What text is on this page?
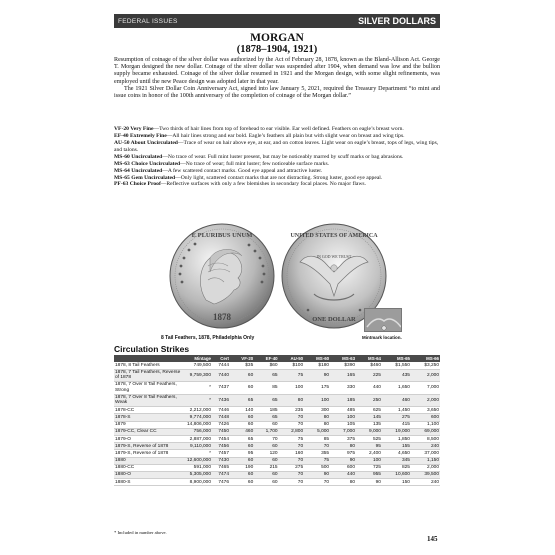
FEDERAL ISSUES	SILVER DOLLARS
MORGAN
(1878–1904, 1921)

Resumption of coinage of the silver dollar was authorized by the Act of February 28, 1878, known as the Bland-Allison Act. George T. Morgan designed the new dollar. Coinage of the silver dollar was suspended after 1904, when demand was low and the bullion supply became exhausted. Coinage of the silver dollar resumed in 1921 and the Morgan design, with some slight refinements, was employed until the new Peace design was adopted later in that year.

The 1921 Silver Dollar Coin Anniversary Act, signed into law January 5, 2021, required the Treasury Department “to mint and issue coins in honor of the 100th anniversary of the completion of coinage of the Morgan dollar.”

VF-20 Very Fine—Two thirds of hair lines from top of forehead to ear visible. Ear well defined. Feathers on eagle’s breast worn.
EF-40 Extremely Fine—All hair lines strong and ear bold. Eagle’s feathers all plain but with slight wear on breast and wing tips.
AU-50 About Uncirculated—Trace of wear on hair above eye, at ear, and on cotton leaves. Light wear on eagle’s breast, tops of legs, wing tips, and talons.
MS-60 Uncirculated—No trace of wear. Full mint luster present, but may be noticeably marred by scuff marks or bag abrasions.
MS-63 Choice Uncirculated—No trace of wear; full mint luster; few noticeable surface marks.
MS-64 Uncirculated—A few scattered contact marks. Good eye appeal and attractive luster.
MS-65 Gem Uncirculated—Only light, scattered contact marks that are not distracting. Strong luster, good eye appeal.
PF-63 Choice Proof—Reflective surfaces with only a few blemishes in secondary focal places. No major flaws.
E PLURIBUS UNUM
1878
IN GOD WE TRUST
UNITED STATES OF AMERICA
ONE DOLLAR
8 Tail Feathers, 1878, Philadelphia Only	Mintmark location.
Circulation Strikes
	Mintage	Cert	VF-20	EF-40	AU-50	MS-60	MS-63	MS-64	MS-65	MS-66
1878, 8 Tail Feathers	749,500	7444	$35	$60	$100	$180	$390	$460	$1,550	$3,250
1878, 7 Tail Feathers, Reverse of 1878	9,759,300	7440	60	65	75	90	165	225	435	2,000
1878, 7 Over 8 Tail Feathers, Strong	*	7437	60	85	100	175	330	440	1,650	7,000
1878, 7 Over 8 Tail Feathers, Weak	*	7436	65	65	80	100	185	250	460	2,000
1878-CC	2,212,000	7446	140	185	235	300	485	625	1,450	3,650
1878-S	9,774,000	7448	60	65	70	80	100	145	275	600
1879	14,806,000	7426	60	60	70	80	105	135	415	1,100
1879-CC, Clear CC	756,000	7450	460	1,700	2,800	5,000	7,000	9,000	19,000	69,000
1879-O	2,887,000	7454	65	70	75	85	375	525	1,850	8,500
1879-S, Reverse of 1878	9,110,000	7456	60	60	70	70	80	95	155	240
1879-S, Reverse of 1878	*	7457	95	120	160	355	975	2,400	4,650	37,000
1880	12,600,000	7430	60	60	70	75	90	100	345	1,150
1880-CC	591,000	7465	190	215	275	500	600	725	825	2,000
1880-O	5,305,000	7474	60	60	70	90	440	955	10,600	39,500
1880-S	8,900,000	7476	60	60	70	70	80	90	150	240
* Included in number above.
145
